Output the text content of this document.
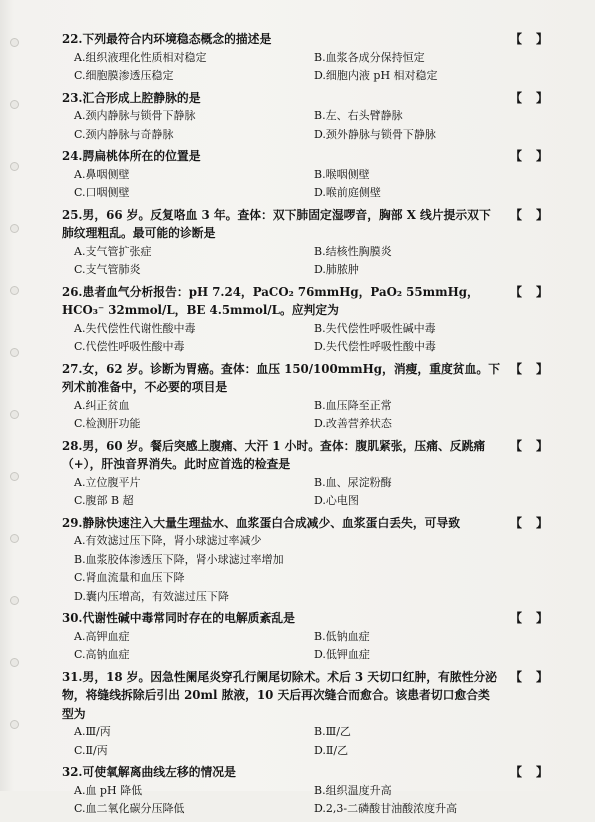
22.下列最符合内环境稳态概念的描述是	【】
A.组织液理化性质相对稳定	B.血浆各成分保持恒定
C.细胞膜渗透压稳定	D.细胞内液 pH 相对稳定
23.汇合形成上腔静脉的是	【】
A.颈内静脉与锁骨下静脉	B.左、右头臂静脉
C.颈内静脉与奇静脉	D.颈外静脉与锁骨下静脉
24.腭扁桃体所在的位置是	【】
A.鼻咽侧壁	B.喉咽侧壁
C.口咽侧壁	D.喉前庭侧壁
25.男，66 岁。反复咯血 3 年。查体：双下肺固定湿啰音，胸部 X 线片提示双下肺纹理粗乱。最可能的诊断是
【】
A.支气管扩张症	B.结核性胸膜炎
C.支气管肺炎	D.肺脓肿
26.患者血气分析报告：pH 7.24，PaCO₂ 76mmHg，PaO₂ 55mmHg，HCO₃⁻ 32mmol/L，BE 4.5mmol/L。应判定为
【】
A.失代偿性代谢性酸中毒	B.失代偿性呼吸性碱中毒
C.代偿性呼吸性酸中毒	D.失代偿性呼吸性酸中毒
27.女，62 岁。诊断为胃癌。查体：血压 150/100mmHg，消瘦，重度贫血。下列术前准备中，不必要的项目是
【】
A.纠正贫血	B.血压降至正常
C.检测肝功能	D.改善营养状态
28.男，60 岁。餐后突感上腹痛、大汗 1 小时。查体：腹肌紧张，压痛、反跳痛（+），肝浊音界消失。此时应首选的检查是
【】
A.立位腹平片	B.血、尿淀粉酶
C.腹部 B 超	D.心电图
29.静脉快速注入大量生理盐水、血浆蛋白合成减少、血浆蛋白丢失，可导致	【】
A.有效滤过压下降，肾小球滤过率减少
B.血浆胶体渗透压下降，肾小球滤过率增加
C.肾血流量和血压下降
D.囊内压增高，有效滤过压下降
30.代谢性碱中毒常同时存在的电解质紊乱是	【】
A.高钾血症	B.低钠血症
C.高钠血症	D.低钾血症
31.男，18 岁。因急性阑尾炎穿孔行阑尾切除术。术后 3 天切口红肿，有脓性分泌物，将缝线拆除后引出 20ml 脓液，10 天后再次缝合而愈合。该患者切口愈合类型为
【】
A.Ⅲ/丙	B.Ⅲ/乙
C.Ⅱ/丙	D.Ⅱ/乙
32.可使氧解离曲线左移的情况是	【】
A.血 pH 降低	B.组织温度升高
C.血二氧化碳分压降低	D.2,3-二磷酸甘油酸浓度升高
